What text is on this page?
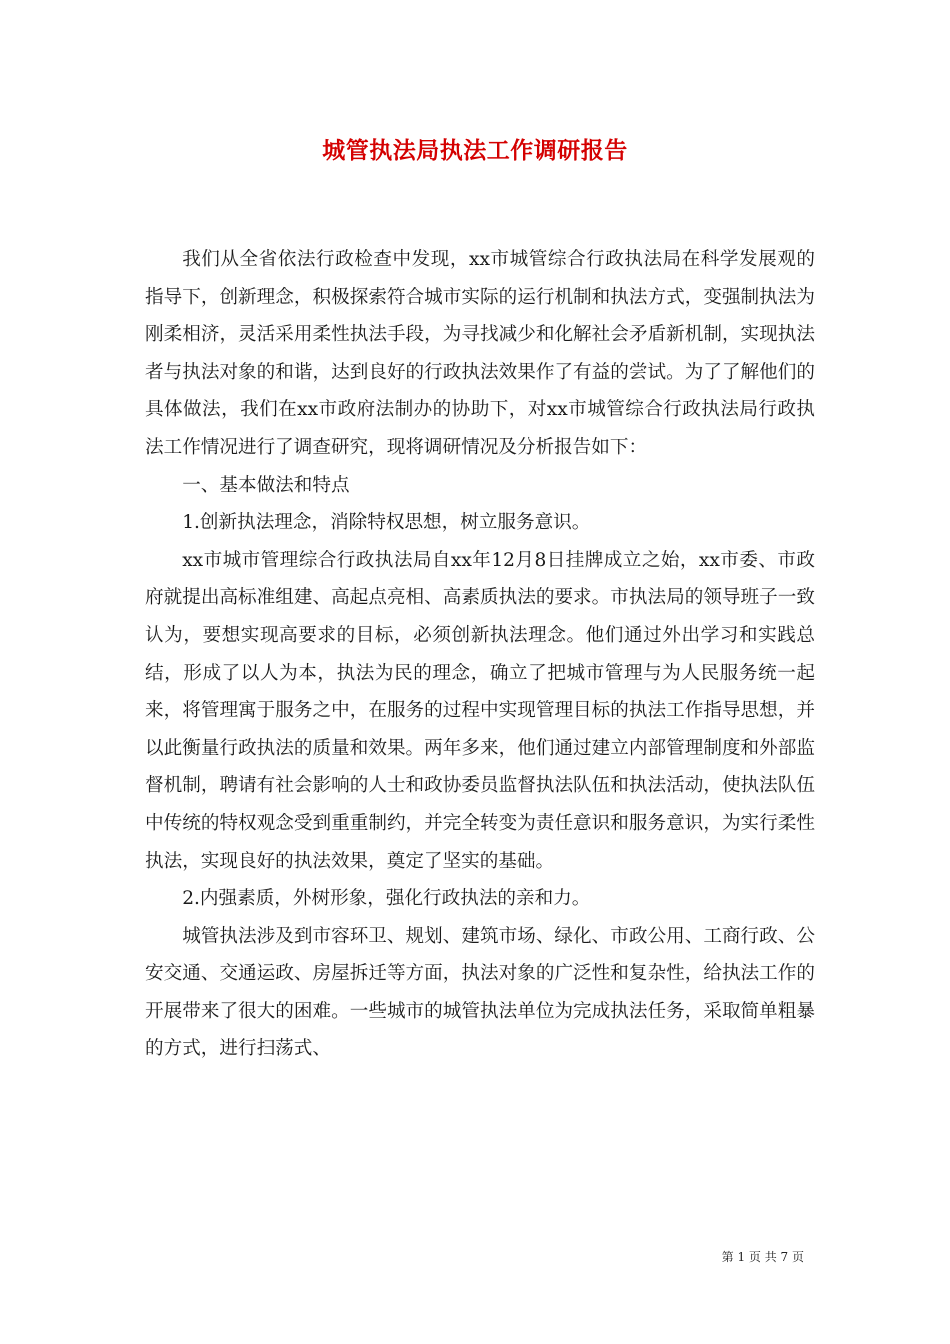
城管执法局执法工作调研报告

我们从全省依法行政检查中发现，xx市城管综合行政执法局在科学发展观的指导下，创新理念，积极探索符合城市实际的运行机制和执法方式，变强制执法为刚柔相济，灵活采用柔性执法手段，为寻找减少和化解社会矛盾新机制，实现执法者与执法对象的和谐，达到良好的行政执法效果作了有益的尝试。为了了解他们的具体做法，我们在xx市政府法制办的协助下，对xx市城管综合行政执法局行政执法工作情况进行了调查研究，现将调研情况及分析报告如下：

一、基本做法和特点

1.创新执法理念，消除特权思想，树立服务意识。

xx市城市管理综合行政执法局自xx年12月8日挂牌成立之始，xx市委、市政府就提出高标准组建、高起点亮相、高素质执法的要求。市执法局的领导班子一致认为，要想实现高要求的目标，必须创新执法理念。他们通过外出学习和实践总结，形成了以人为本，执法为民的理念，确立了把城市管理与为人民服务统一起来，将管理寓于服务之中，在服务的过程中实现管理目标的执法工作指导思想，并以此衡量行政执法的质量和效果。两年多来，他们通过建立内部管理制度和外部监督机制，聘请有社会影响的人士和政协委员监督执法队伍和执法活动，使执法队伍中传统的特权观念受到重重制约，并完全转变为责任意识和服务意识，为实行柔性执法，实现良好的执法效果，奠定了坚实的基础。

2.内强素质，外树形象，强化行政执法的亲和力。

城管执法涉及到市容环卫、规划、建筑市场、绿化、市政公用、工商行政、公安交通、交通运政、房屋拆迁等方面，执法对象的广泛性和复杂性，给执法工作的开展带来了很大的困难。一些城市的城管执法单位为完成执法任务，采取简单粗暴的方式，进行扫荡式、

第 1 页 共 7 页
